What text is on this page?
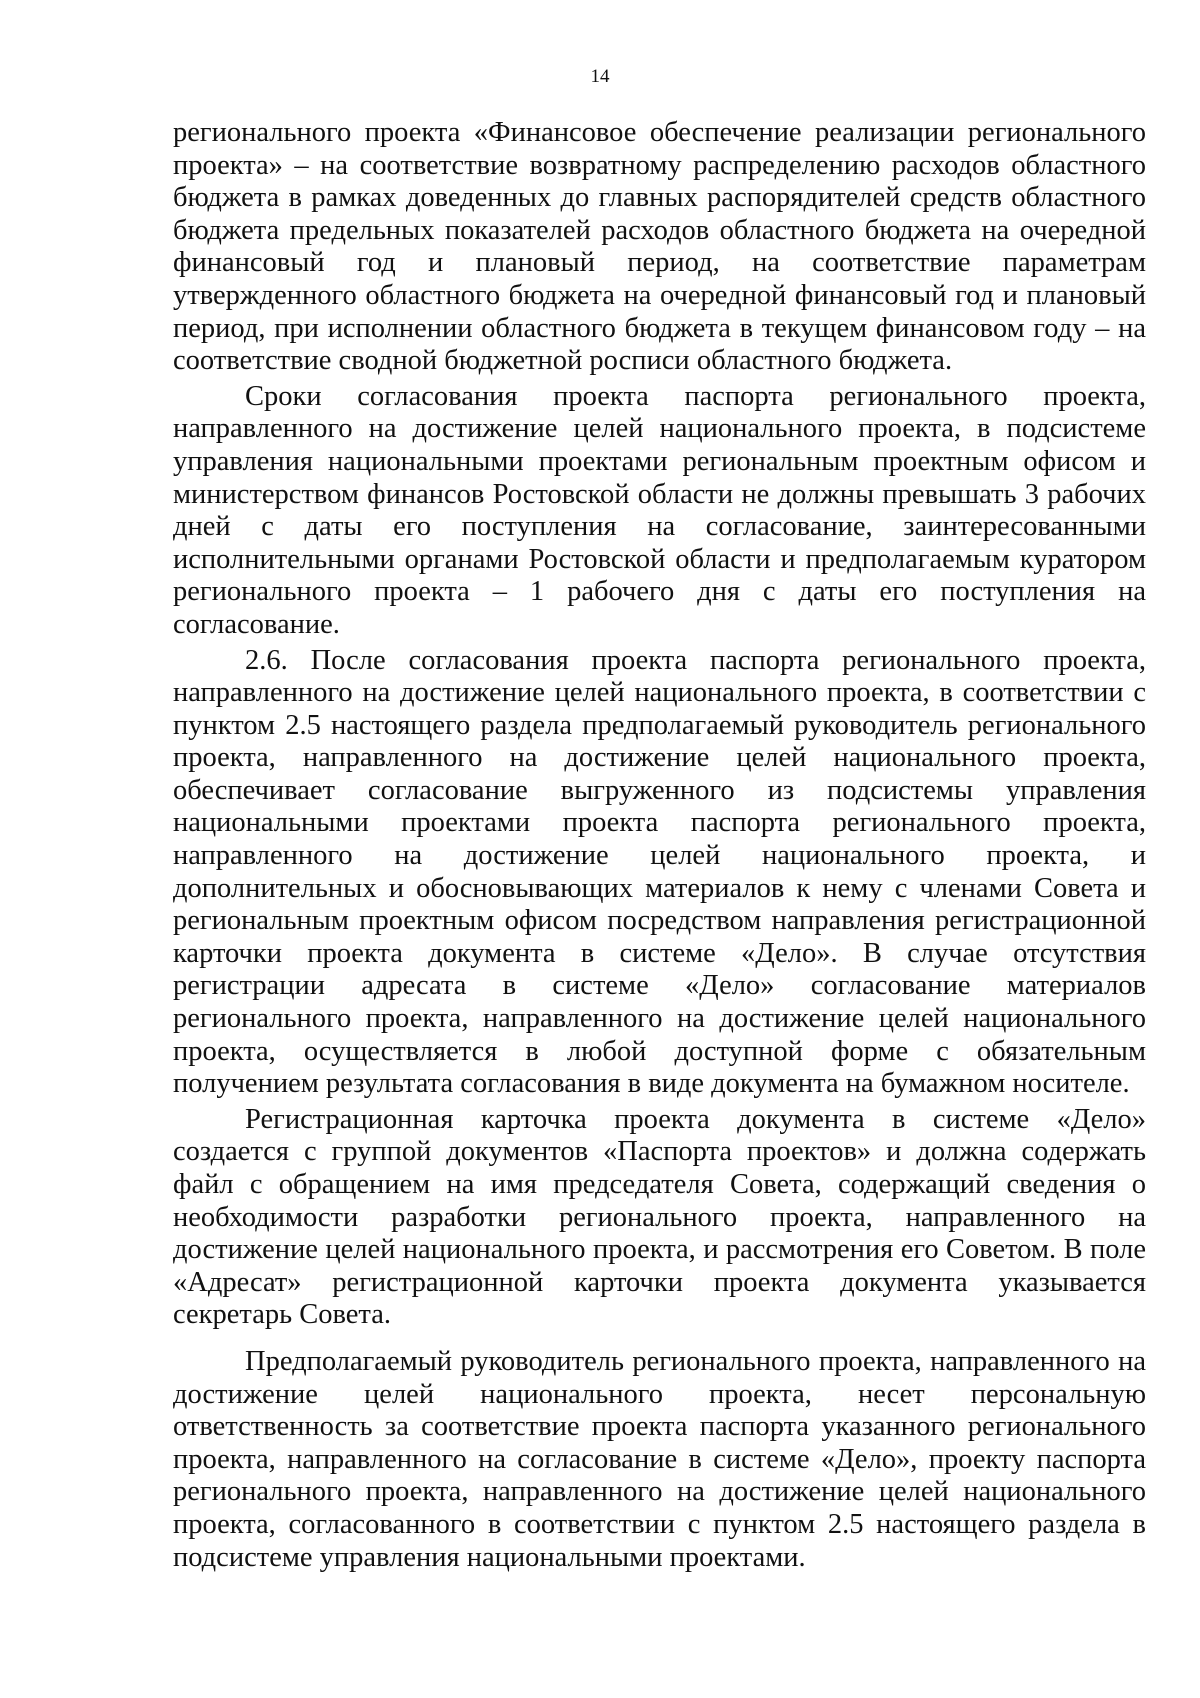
14

регионального проекта «Финансовое обеспечение реализации регионального проекта» – на соответствие возвратному распределению расходов областного бюджета в рамках доведенных до главных распорядителей средств областного бюджета предельных показателей расходов областного бюджета на очередной финансовый год и плановый период, на соответствие параметрам утвержденного областного бюджета на очередной финансовый год и плановый период, при исполнении областного бюджета в текущем финансовом году – на соответствие сводной бюджетной росписи областного бюджета.

Сроки согласования проекта паспорта регионального проекта, направленного на достижение целей национального проекта, в подсистеме управления национальными проектами региональным проектным офисом и министерством финансов Ростовской области не должны превышать 3 рабочих дней с даты его поступления на согласование, заинтересованными исполнительными органами Ростовской области и предполагаемым куратором регионального проекта – 1 рабочего дня с даты его поступления на согласование.

2.6. После согласования проекта паспорта регионального проекта, направленного на достижение целей национального проекта, в соответствии с пунктом 2.5 настоящего раздела предполагаемый руководитель регионального проекта, направленного на достижение целей национального проекта, обеспечивает согласование выгруженного из подсистемы управления национальными проектами проекта паспорта регионального проекта, направленного на достижение целей национального проекта, и дополнительных и обосновывающих материалов к нему с членами Совета и региональным проектным офисом посредством направления регистрационной карточки проекта документа в системе «Дело». В случае отсутствия регистрации адресата в системе «Дело» согласование материалов регионального проекта, направленного на достижение целей национального проекта, осуществляется в любой доступной форме с обязательным получением результата согласования в виде документа на бумажном носителе.

Регистрационная карточка проекта документа в системе «Дело» создается с группой документов «Паспорта проектов» и должна содержать файл с обращением на имя председателя Совета, содержащий сведения о необходимости разработки регионального проекта, направленного на достижение целей национального проекта, и рассмотрения его Советом. В поле «Адресат» регистрационной карточки проекта документа указывается секретарь Совета.

Предполагаемый руководитель регионального проекта, направленного на достижение целей национального проекта, несет персональную ответственность за соответствие проекта паспорта указанного регионального проекта, направленного на согласование в системе «Дело», проекту паспорта регионального проекта, направленного на достижение целей национального проекта, согласованного в соответствии с пунктом 2.5 настоящего раздела в подсистеме управления национальными проектами.
